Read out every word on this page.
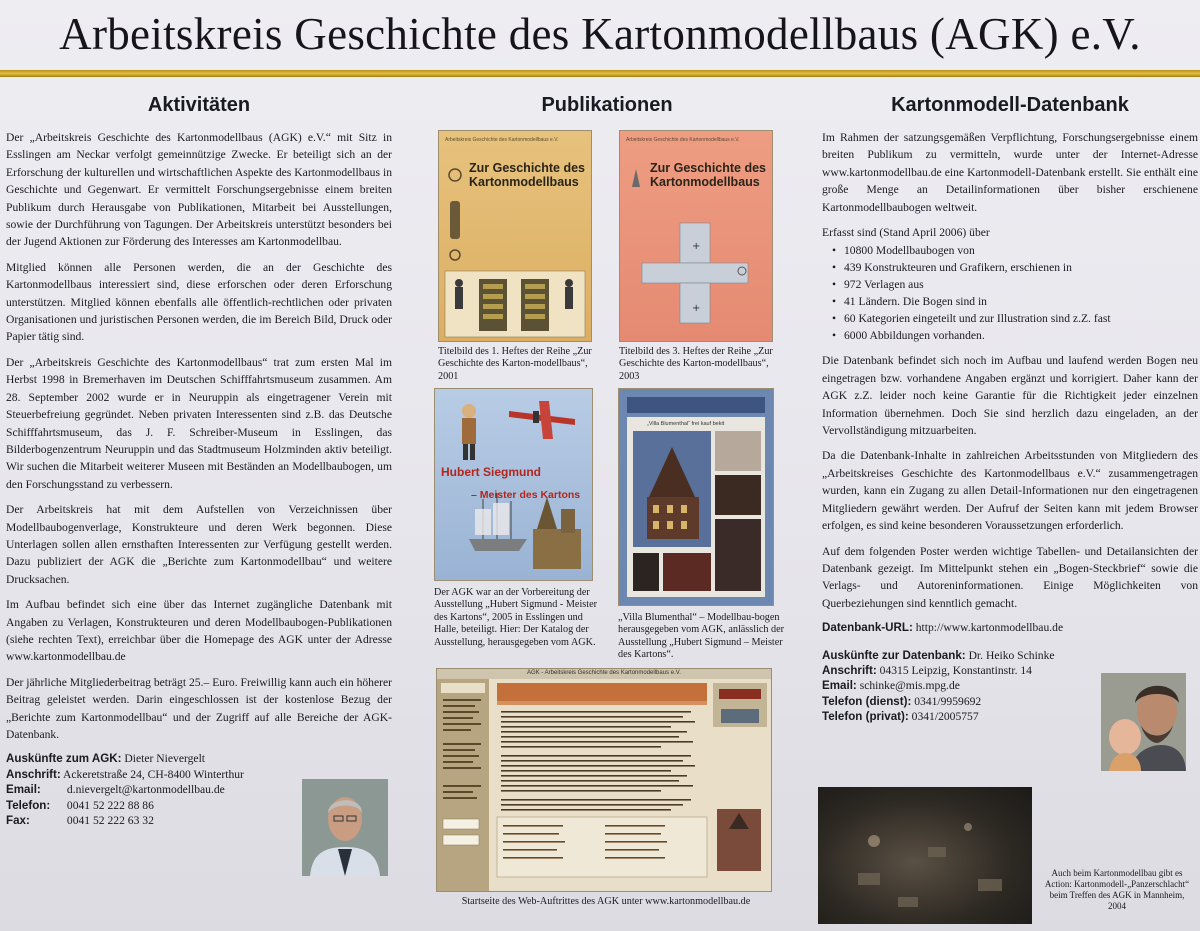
Arbeitskreis Geschichte des Kartonmodellbaus (AGK) e.V.
Aktivitäten

Der „Arbeitskreis Geschichte des Kartonmodellbaus (AGK) e.V.“ mit Sitz in Esslingen am Neckar verfolgt gemeinnützige Zwecke. Er beteiligt sich an der Erforschung der kulturellen und wirtschaftlichen Aspekte des Kartonmodellbaus in Geschichte und Gegenwart. Er vermittelt Forschungsergebnisse einem breiten Publikum durch Herausgabe von Publikationen, Mitarbeit bei Ausstellungen, sowie der Durchführung von Tagungen. Der Arbeitskreis unterstützt besonders bei der Jugend Aktionen zur Förderung des Interesses am Kartonmodellbau.

Mitglied können alle Personen werden, die an der Geschichte des Kartonmodellbaus interessiert sind, diese erforschen oder deren Erforschung unterstützen. Mitglied können ebenfalls alle öffentlich-rechtlichen oder privaten Organisationen und juristischen Personen werden, die im Bereich Bild, Druck oder Papier tätig sind.

Der „Arbeitskreis Geschichte des Kartonmodellbaus“ trat zum ersten Mal im Herbst 1998 in Bremerhaven im Deutschen Schifffahrtsmuseum zusammen. Am 28. September 2002 wurde er in Neuruppin als eingetragener Verein mit Steuerbefreiung gegründet. Neben privaten Interessenten sind z.B. das Deutsche Schifffahrtsmuseum, das J. F. Schreiber-Museum in Esslingen, das Bilderbogenzentrum Neuruppin und das Stadtmuseum Holzminden aktiv beteiligt. Wir suchen die Mitarbeit weiterer Museen mit Beständen an Modellbaubogen, um den Forschungsstand zu verbessern.

Der Arbeitskreis hat mit dem Aufstellen von Verzeichnissen über Modellbaubogenverlage, Konstrukteure und deren Werk begonnen. Diese Unterlagen sollen allen ernsthaften Interessenten zur Verfügung gestellt werden. Dazu publiziert der AGK die „Berichte zum Kartonmodellbau“ und weitere Drucksachen.

Im Aufbau befindet sich eine über das Internet zugängliche Datenbank mit Angaben zu Verlagen, Konstrukteuren und deren Modellbaubogen-Publikationen (siehe rechten Text), erreichbar über die Homepage des AGK unter der Adresse www.kartonmodellbau.de

Der jährliche Mitgliederbeitrag beträgt 25.– Euro. Freiwillig kann auch ein höherer Beitrag geleistet werden. Darin eingeschlossen ist der kostenlose Bezug der „Berichte zum Kartonmodellbau“ und der Zugriff auf alle Bereiche der AGK-Datenbank.

Auskünfte zum AGK: Dieter Nievergelt
Anschrift: Ackeretstraße 24, CH-8400 Winterthur
Email: d.nievergelt@kartonmodellbau.de
Telefon: 0041 52 222 88 86
Fax:	0041 52 222 63 32
Publikationen
Arbeitskreis Geschichte des Kartonmodellbaus e.V.
Zur Geschichte des Kartonmodellbaus
Titelbild des 1. Heftes der Reihe „Zur Geschichte des Karton-modellbaus“, 2001
Arbeitskreis Geschichte des Kartonmodellbaus e.V.
Zur Geschichte des Kartonmodellbaus
+
+
Titelbild des 3. Heftes der Reihe „Zur Geschichte des Karton-modellbaus“, 2003
Hubert Siegmund
– Meister des Kartons
Der AGK war an der Vorbereitung der Ausstellung „Hubert Sigmund - Meister des Kartons“, 2005 in Esslingen und Halle, beteiligt. Hier: Der Katalog der Ausstellung, herausgegeben vom AGK.
„Villa Blumenthal“ frei kauf bekit
„Villa Blumenthal“ – Modellbau-bogen herausgegeben vom AGK, anlässlich der Ausstellung „Hubert Sigmund – Meister des Kartons“.
AGK - Arbeitskreis Geschichte des Kartonmodellbaus e.V.
Startseite des Web-Auftrittes des AGK unter www.kartonmodellbau.de
Kartonmodell-Datenbank

Im Rahmen der satzungsgemäßen Verpflichtung, Forschungsergebnisse einem breiten Publikum zu vermitteln, wurde unter der Internet-Adresse www.kartonmodellbau.de eine Kartonmodell-Datenbank erstellt. Sie enthält eine große Menge an Detailinformationen über bisher erschienene Kartonmodellbaubogen weltweit.

Erfasst sind (Stand April 2006) über

• 10800 Modellbaubogen von
• 439 Konstrukteuren und Grafikern, erschienen in
• 972 Verlagen aus
• 41 Ländern. Die Bogen sind in
• 60 Kategorien eingeteilt und zur Illustration sind z.Z. fast
• 6000 Abbildungen vorhanden.

Die Datenbank befindet sich noch im Aufbau und laufend werden Bogen neu eingetragen bzw. vorhandene Angaben ergänzt und korrigiert. Daher kann der AGK z.Z. leider noch keine Garantie für die Richtigkeit jeder einzelnen Information übernehmen. Doch Sie sind herzlich dazu eingeladen, an der Vervollständigung mitzuarbeiten.

Da die Datenbank-Inhalte in zahlreichen Arbeitsstunden von Mitgliedern des „Arbeitskreises Geschichte des Kartonmodellbaus e.V.“ zusammengetragen wurden, kann ein Zugang zu allen Detail-Informationen nur den eingetragenen Mitgliedern gewährt werden. Der Aufruf der Seiten kann mit jedem Browser erfolgen, es sind keine besonderen Voraussetzungen erforderlich.

Auf dem folgenden Poster werden wichtige Tabellen- und Detailansichten der Datenbank gezeigt. Im Mittelpunkt stehen ein „Bogen-Steckbrief“ sowie die Verlags- und Autoreninformationen. Einige Möglichkeiten von Querbeziehungen sind kenntlich gemacht.

Datenbank-URL: http://www.kartonmodellbau.de
Auskünfte zur Datenbank: Dr. Heiko Schinke
Anschrift: 04315 Leipzig, Konstantinstr. 14
Email: schinke@mis.mpg.de
Telefon (dienst): 0341/9959692
Telefon (privat): 0341/2005757
Auch beim Kartonmodellbau gibt es Action: Kartonmodell-„Panzerschlacht“ beim Treffen des AGK in Mannheim, 2004
